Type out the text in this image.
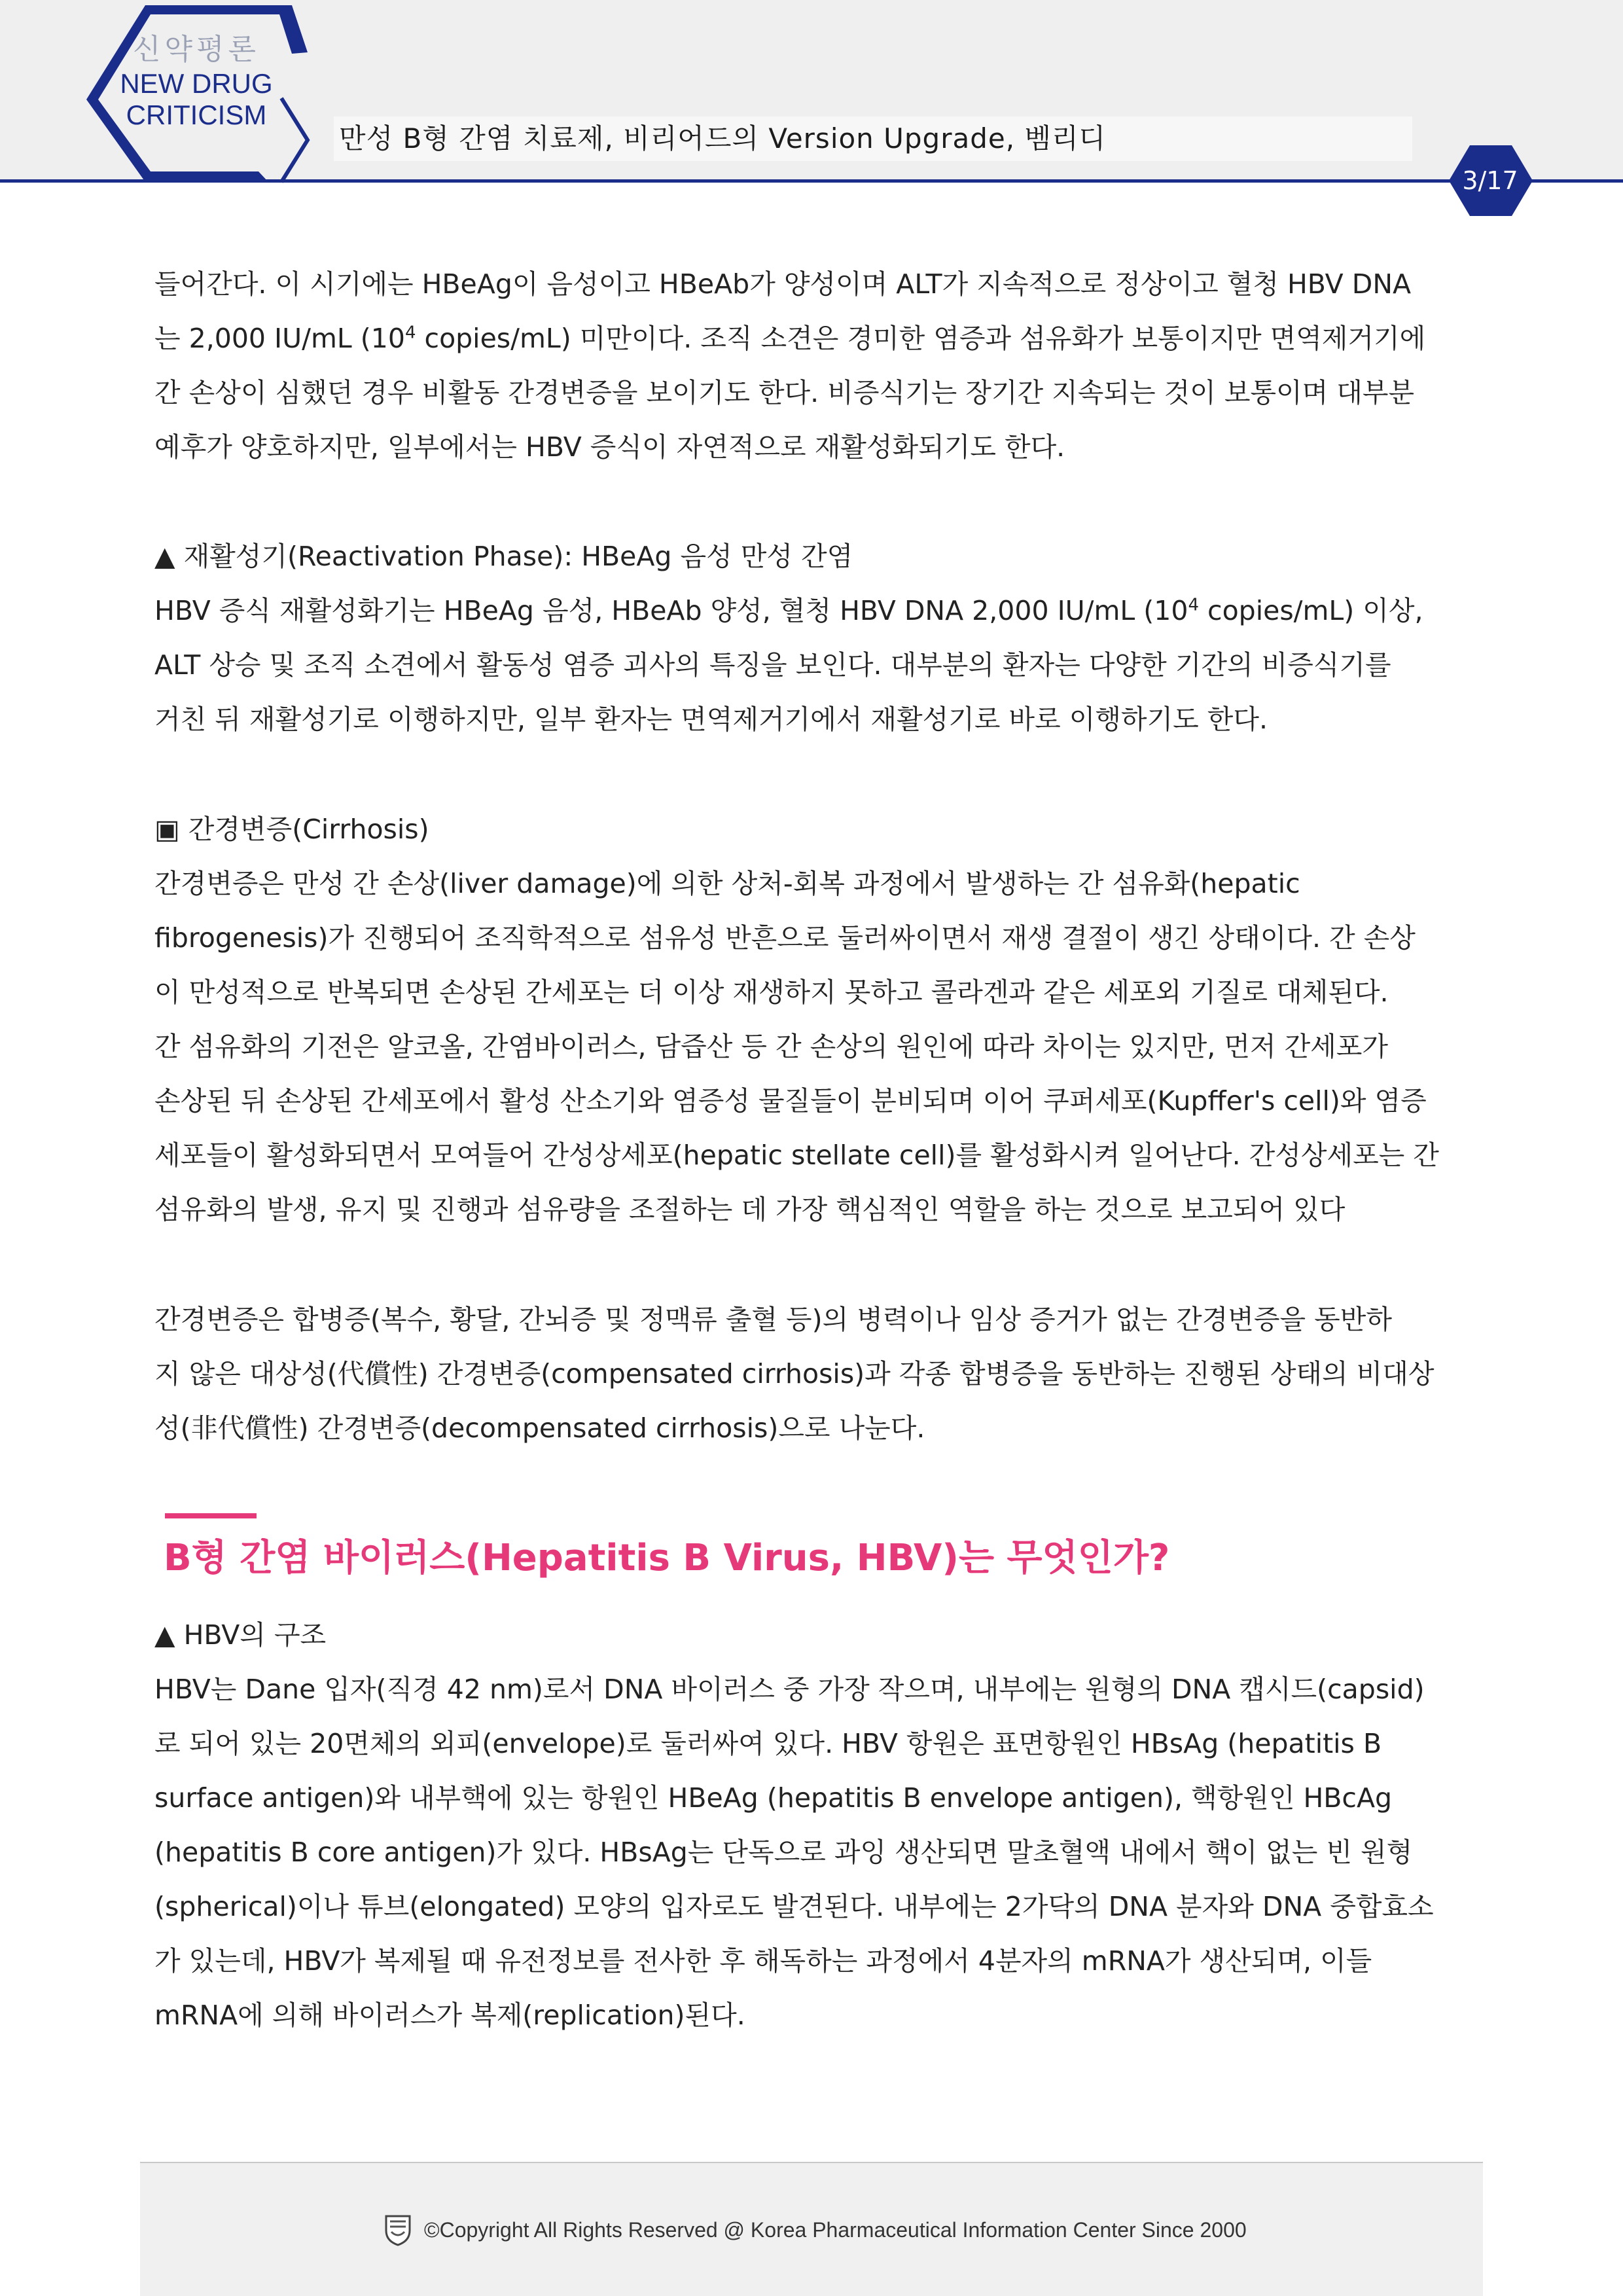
신약평론
NEW DRUG
CRITICISM
만성 B형 간염 치료제, 비리어드의 Version Upgrade, 벰리디
3/17

들어간다. 이 시기에는 HBeAg이 음성이고 HBeAb가 양성이며 ALT가 지속적으로 정상이고 혈청 HBV DNA

는 2,000 IU/mL ($10^4$ copies/mL) 미만이다. 조직 소견은 경미한 염증과 섬유화가 보통이지만 면역제거기에

간 손상이 심했던 경우 비활동 간경변증을 보이기도 한다. 비증식기는 장기간 지속되는 것이 보통이며 대부분

예후가 양호하지만, 일부에서는 HBV 증식이 자연적으로 재활성화되기도 한다.

▲ 재활성기(Reactivation Phase): HBeAg 음성 만성 간염

HBV 증식 재활성화기는 HBeAg 음성, HBeAb 양성, 혈청 HBV DNA 2,000 IU/mL ($10^4$ copies/mL) 이상,

ALT 상승 및 조직 소견에서 활동성 염증 괴사의 특징을 보인다. 대부분의 환자는 다양한 기간의 비증식기를

거친 뒤 재활성기로 이행하지만, 일부 환자는 면역제거기에서 재활성기로 바로 이행하기도 한다.

▣ 간경변증(Cirrhosis)

간경변증은 만성 간 손상(liver damage)에 의한 상처-회복 과정에서 발생하는 간 섬유화(hepatic

fibrogenesis)가 진행되어 조직학적으로 섬유성 반흔으로 둘러싸이면서 재생 결절이 생긴 상태이다. 간 손상

이 만성적으로 반복되면 손상된 간세포는 더 이상 재생하지 못하고 콜라겐과 같은 세포외 기질로 대체된다.

간 섬유화의 기전은 알코올, 간염바이러스, 담즙산 등 간 손상의 원인에 따라 차이는 있지만, 먼저 간세포가

손상된 뒤 손상된 간세포에서 활성 산소기와 염증성 물질들이 분비되며 이어 쿠퍼세포(Kupffer's cell)와 염증

세포들이 활성화되면서 모여들어 간성상세포(hepatic stellate cell)를 활성화시켜 일어난다. 간성상세포는 간

섬유화의 발생, 유지 및 진행과 섬유량을 조절하는 데 가장 핵심적인 역할을 하는 것으로 보고되어 있다

간경변증은 합병증(복수, 황달, 간뇌증 및 정맥류 출혈 등)의 병력이나 임상 증거가 없는 간경변증을 동반하

지 않은 대상성(代償性) 간경변증(compensated cirrhosis)과 각종 합병증을 동반하는 진행된 상태의 비대상

성(非代償性) 간경변증(decompensated cirrhosis)으로 나눈다.

B형 간염 바이러스(Hepatitis B Virus, HBV)는 무엇인가?

▲ HBV의 구조

HBV는 Dane 입자(직경 42 nm)로서 DNA 바이러스 중 가장 작으며, 내부에는 원형의 DNA 캡시드(capsid)

로 되어 있는 20면체의 외피(envelope)로 둘러싸여 있다. HBV 항원은 표면항원인 HBsAg (hepatitis B

surface antigen)와 내부핵에 있는 항원인 HBeAg (hepatitis B envelope antigen), 핵항원인 HBcAg

(hepatitis B core antigen)가 있다. HBsAg는 단독으로 과잉 생산되면 말초혈액 내에서 핵이 없는 빈 원형

(spherical)이나 튜브(elongated) 모양의 입자로도 발견된다. 내부에는 2가닥의 DNA 분자와 DNA 중합효소

가 있는데, HBV가 복제될 때 유전정보를 전사한 후 해독하는 과정에서 4분자의 mRNA가 생산되며, 이들

mRNA에 의해 바이러스가 복제(replication)된다.

©Copyright All Rights Reserved @ Korea Pharmaceutical Information Center Since 2000
